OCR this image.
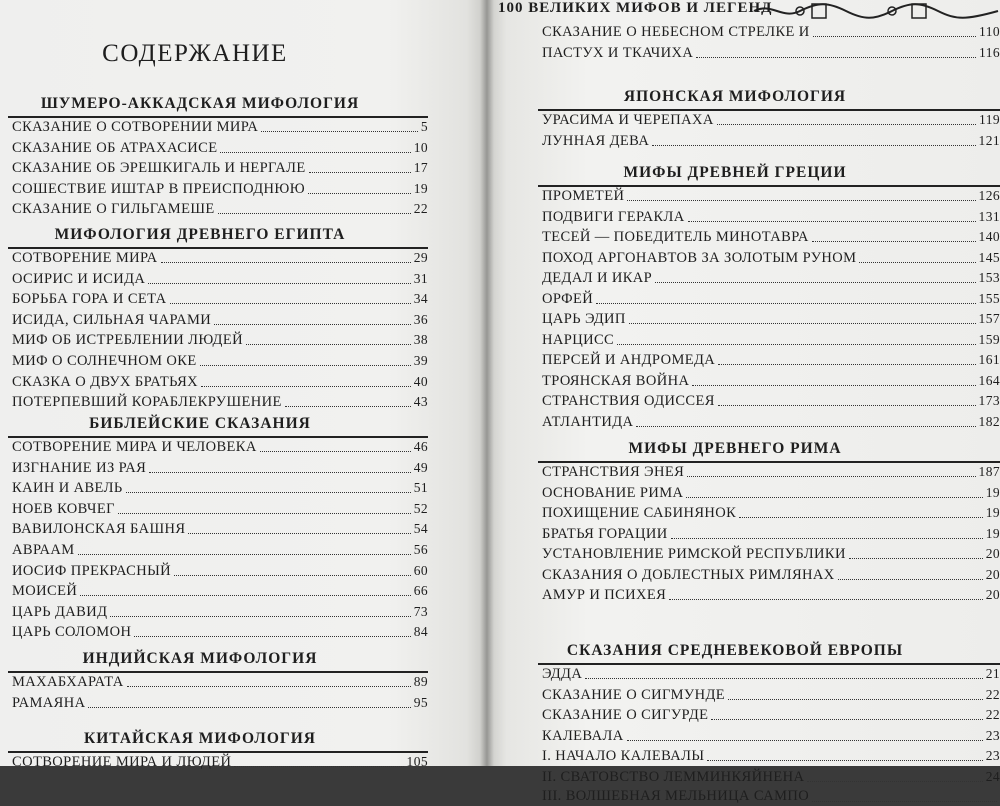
СОДЕРЖАНИЕ
100 ВЕЛИКИХ МИФОВ И ЛЕГЕНД
ШУМЕРО-АККАДСКАЯ МИФОЛОГИЯ
СКАЗАНИЕ О СОТВОРЕНИИ МИРА	5
СКАЗАНИЕ ОБ АТРАХАСИСЕ	10
СКАЗАНИЕ ОБ ЭРЕШКИГАЛЬ И НЕРГАЛЕ	17
СОШЕСТВИЕ ИШТАР В ПРЕИСПОДНЮЮ	19
СКАЗАНИЕ О ГИЛЬГАМЕШЕ	22
МИФОЛОГИЯ ДРЕВНЕГО ЕГИПТА
СОТВОРЕНИЕ МИРА	29
ОСИРИС И ИСИДА	31
БОРЬБА ГОРА И СЕТА	34
ИСИДА, СИЛЬНАЯ ЧАРАМИ	36
МИФ ОБ ИСТРЕБЛЕНИИ ЛЮДЕЙ	38
МИФ О СОЛНЕЧНОМ ОКЕ	39
СКАЗКА О ДВУХ БРАТЬЯХ	40
ПОТЕРПЕВШИЙ КОРАБЛЕКРУШЕНИЕ	43
БИБЛЕЙСКИЕ СКАЗАНИЯ
СОТВОРЕНИЕ МИРА И ЧЕЛОВЕКА	46
ИЗГНАНИЕ ИЗ РАЯ	49
КАИН И АВЕЛЬ	51
НОЕВ КОВЧЕГ	52
ВАВИЛОНСКАЯ БАШНЯ	54
АВРААМ	56
ИОСИФ ПРЕКРАСНЫЙ	60
МОИСЕЙ	66
ЦАРЬ ДАВИД	73
ЦАРЬ СОЛОМОН	84
ИНДИЙСКАЯ МИФОЛОГИЯ
МАХАБХАРАТА	89
РАМАЯНА	95
КИТАЙСКАЯ МИФОЛОГИЯ
СОТВОРЕНИЕ МИРА И ЛЮДЕЙ	105
СКАЗАНИЕ О НЕБЕСНОМ СТРЕЛКЕ И	110
ПАСТУХ И ТКАЧИХА	116
ЯПОНСКАЯ МИФОЛОГИЯ
УРАСИМА И ЧЕРЕПАХА	119
ЛУННАЯ ДЕВА	121
МИФЫ ДРЕВНЕЙ ГРЕЦИИ
ПРОМЕТЕЙ	126
ПОДВИГИ ГЕРАКЛА	131
ТЕСЕЙ — ПОБЕДИТЕЛЬ МИНОТАВРА	140
ПОХОД АРГОНАВТОВ ЗА ЗОЛОТЫМ РУНОМ	145
ДЕДАЛ И ИКАР	153
ОРФЕЙ	155
ЦАРЬ ЭДИП	157
НАРЦИСС	159
ПЕРСЕЙ И АНДРОМЕДА	161
ТРОЯНСКАЯ ВОЙНА	164
СТРАНСТВИЯ ОДИССЕЯ	173
АТЛАНТИДА	182
МИФЫ ДРЕВНЕГО РИМА
СТРАНСТВИЯ ЭНЕЯ	187
ОСНОВАНИЕ РИМА	19
ПОХИЩЕНИЕ САБИНЯНОК	19
БРАТЬЯ ГОРАЦИИ	19
УСТАНОВЛЕНИЕ РИМСКОЙ РЕСПУБЛИКИ	20
СКАЗАНИЯ О ДОБЛЕСТНЫХ РИМЛЯНАХ	20
АМУР И ПСИХЕЯ	20
СКАЗАНИЯ СРЕДНЕВЕКОВОЙ ЕВРОПЫ
ЭДДА	21
СКАЗАНИЕ О СИГМУНДЕ	22
СКАЗАНИЕ О СИГУРДЕ	22
КАЛЕВАЛА	23
I. НАЧАЛО КАЛЕВАЛЫ	23
II. СВАТОВСТВО ЛЕММИНКЯЙНЕНА	24
III. ВОЛШЕБНАЯ МЕЛЬНИЦА САМПО
